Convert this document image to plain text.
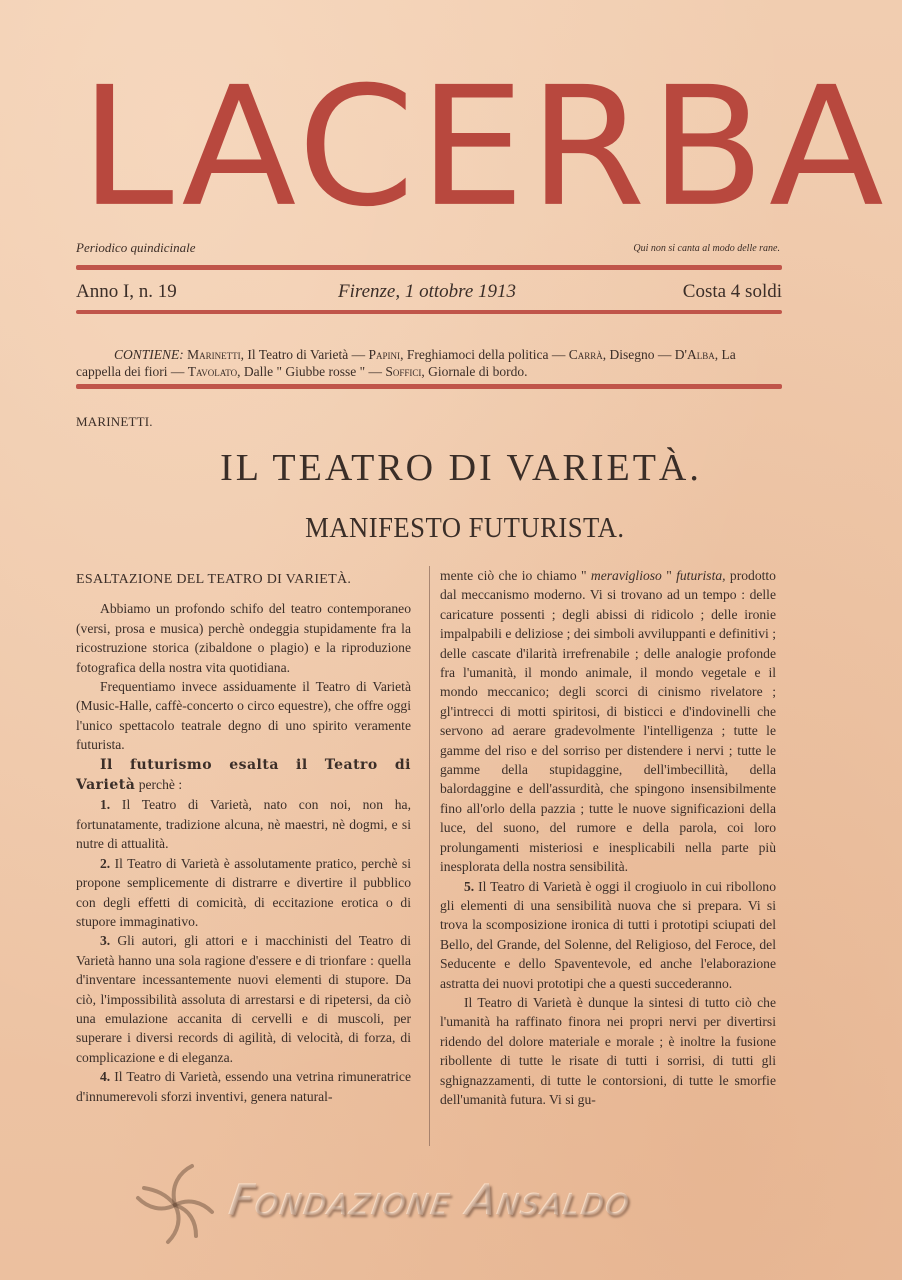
LACERBA
Periodico quindicinale	Qui non si canta al modo delle rane.
Anno I, n. 19	Firenze, 1 ottobre 1913	Costa 4 soldi
CONTIENE: Marinetti, Il Teatro di Varietà — Papini, Freghiamoci della politica — Carrà, Disegno — D'Alba, La cappella dei fiori — Tavolato, Dalle " Giubbe rosse " — Soffici, Giornale di bordo.
MARINETTI.
IL TEATRO DI VARIETÀ.
MANIFESTO FUTURISTA.
ESALTAZIONE DEL TEATRO DI VARIETÀ.

Abbiamo un profondo schifo del teatro contemporaneo (versi, prosa e musica) perchè ondeggia stupidamente fra la ricostruzione storica (zibaldone o plagio) e la riproduzione fotografica della nostra vita quotidiana.

Frequentiamo invece assiduamente il Teatro di Varietà (Music-Halle, caffè-concerto o circo equestre), che offre oggi l'unico spettacolo teatrale degno di uno spirito veramente futurista.

Il futurismo esalta il Teatro di Varietà perchè :

1. Il Teatro di Varietà, nato con noi, non ha, fortunatamente, tradizione alcuna, nè maestri, nè dogmi, e si nutre di attualità.

2. Il Teatro di Varietà è assolutamente pratico, perchè si propone semplicemente di distrarre e divertire il pubblico con degli effetti di comicità, di eccitazione erotica o di stupore immaginativo.

3. Gli autori, gli attori e i macchinisti del Teatro di Varietà hanno una sola ragione d'essere e di trionfare : quella d'inventare incessantemente nuovi elementi di stupore. Da ciò, l'impossibilità assoluta di arrestarsi e di ripetersi, da ciò una emulazione accanita di cervelli e di muscoli, per superare i diversi records di agilità, di velocità, di forza, di complicazione e di eleganza.

4. Il Teatro di Varietà, essendo una vetrina rimuneratrice d'innumerevoli sforzi inventivi, genera natural-

mente ciò che io chiamo " meraviglioso " futurista, prodotto dal meccanismo moderno. Vi si trovano ad un tempo : delle caricature possenti ; degli abissi di ridicolo ; delle ironie impalpabili e deliziose ; dei simboli avviluppanti e definitivi ; delle cascate d'ilarità irrefrenabile ; delle analogie profonde fra l'umanità, il mondo animale, il mondo vegetale e il mondo meccanico; degli scorci di cinismo rivelatore ; gl'intrecci di motti spiritosi, di bisticci e d'indovinelli che servono ad aerare gradevolmente l'intelligenza ; tutte le gamme del riso e del sorriso per distendere i nervi ; tutte le gamme della stupidaggine, dell'imbecillità, della balordaggine e dell'assurdità, che spingono insensibilmente fino all'orlo della pazzia ; tutte le nuove significazioni della luce, del suono, del rumore e della parola, coi loro prolungamenti misteriosi e inesplicabili nella parte più inesplorata della nostra sensibilità.

5. Il Teatro di Varietà è oggi il crogiuolo in cui ribollono gli elementi di una sensibilità nuova che si prepara. Vi si trova la scomposizione ironica di tutti i prototipi sciupati del Bello, del Grande, del Solenne, del Religioso, del Feroce, del Seducente e dello Spaventevole, ed anche l'elaborazione astratta dei nuovi prototipi che a questi succederanno.

Il Teatro di Varietà è dunque la sintesi di tutto ciò che l'umanità ha raffinato finora nei propri nervi per divertirsi ridendo del dolore materiale e morale ; è inoltre la fusione ribollente di tutte le risate di tutti i sorrisi, di tutti gli sghignazzamenti, di tutte le contorsioni, di tutte le smorfie dell'umanità futura. Vi si gu-

Fondazione Ansaldo
